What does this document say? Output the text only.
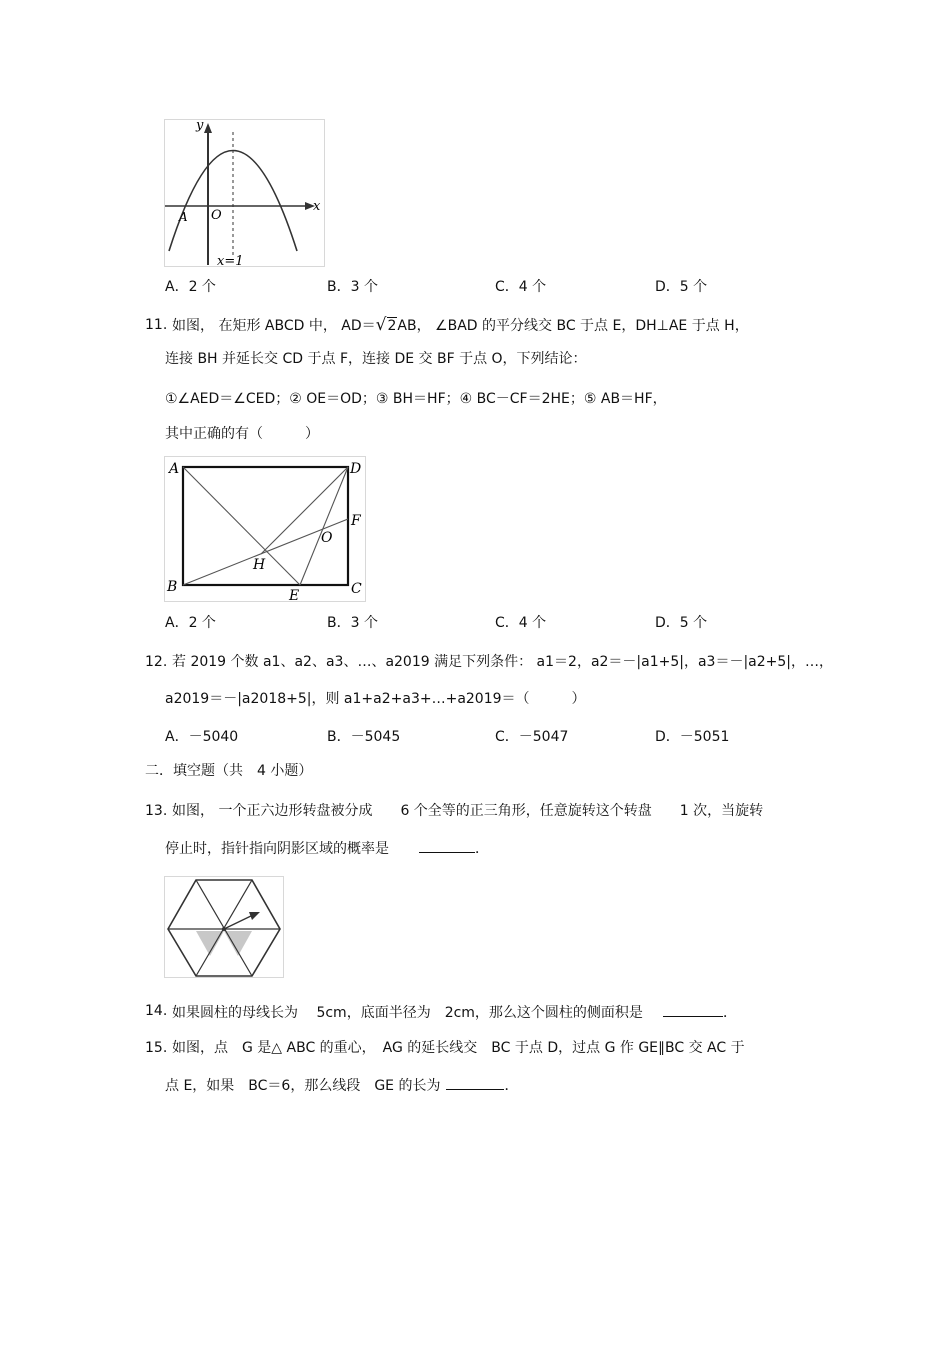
y
x
A O
x=1
A．2 个	B．3 个	C．4 个	D．5 个
11. 如图， 在矩形 ABCD 中， AD＝√2AB， ∠BAD 的平分线交 BC 于点 E，DH⊥AE 于点 H，
连接 BH 并延长交 CD 于点 F，连接 DE 交 BF 于点 O，下列结论：
①∠AED＝∠CED；② OE＝OD；③ BH＝HF；④ BC－CF＝2HE；⑤ AB＝HF，
其中正确的有（　　　）
A	D
B	C
F
O
H
E
A．2 个	B．3 个	C．4 个	D．5 个
12. 若 2019 个数 a1、a2、a3、…、a2019 满足下列条件： a1＝2，a2＝－|a1+5|，a3＝－|a2+5|，…，
a2019＝－|a2018+5|，则 a1+a2+a3+…+a2019＝（　　　）
A．－5040	B．－5045	C．－5047	D．－5051
二．填空题（共　4 小题）
13. 如图， 一个正六边形转盘被分成　　6 个全等的正三角形，任意旋转这个转盘　　1 次，当旋转
停止时，指针指向阴影区域的概率是	．
14. 如果圆柱的母线长为　 5cm，底面半径为　2cm，那么这个圆柱的侧面积是	．
15. 如图，点　G 是△ ABC 的重心，　AG 的延长线交　BC 于点 D，过点 G 作 GE∥BC 交 AC 于
点 E，如果　BC＝6，那么线段　GE 的长为	．
